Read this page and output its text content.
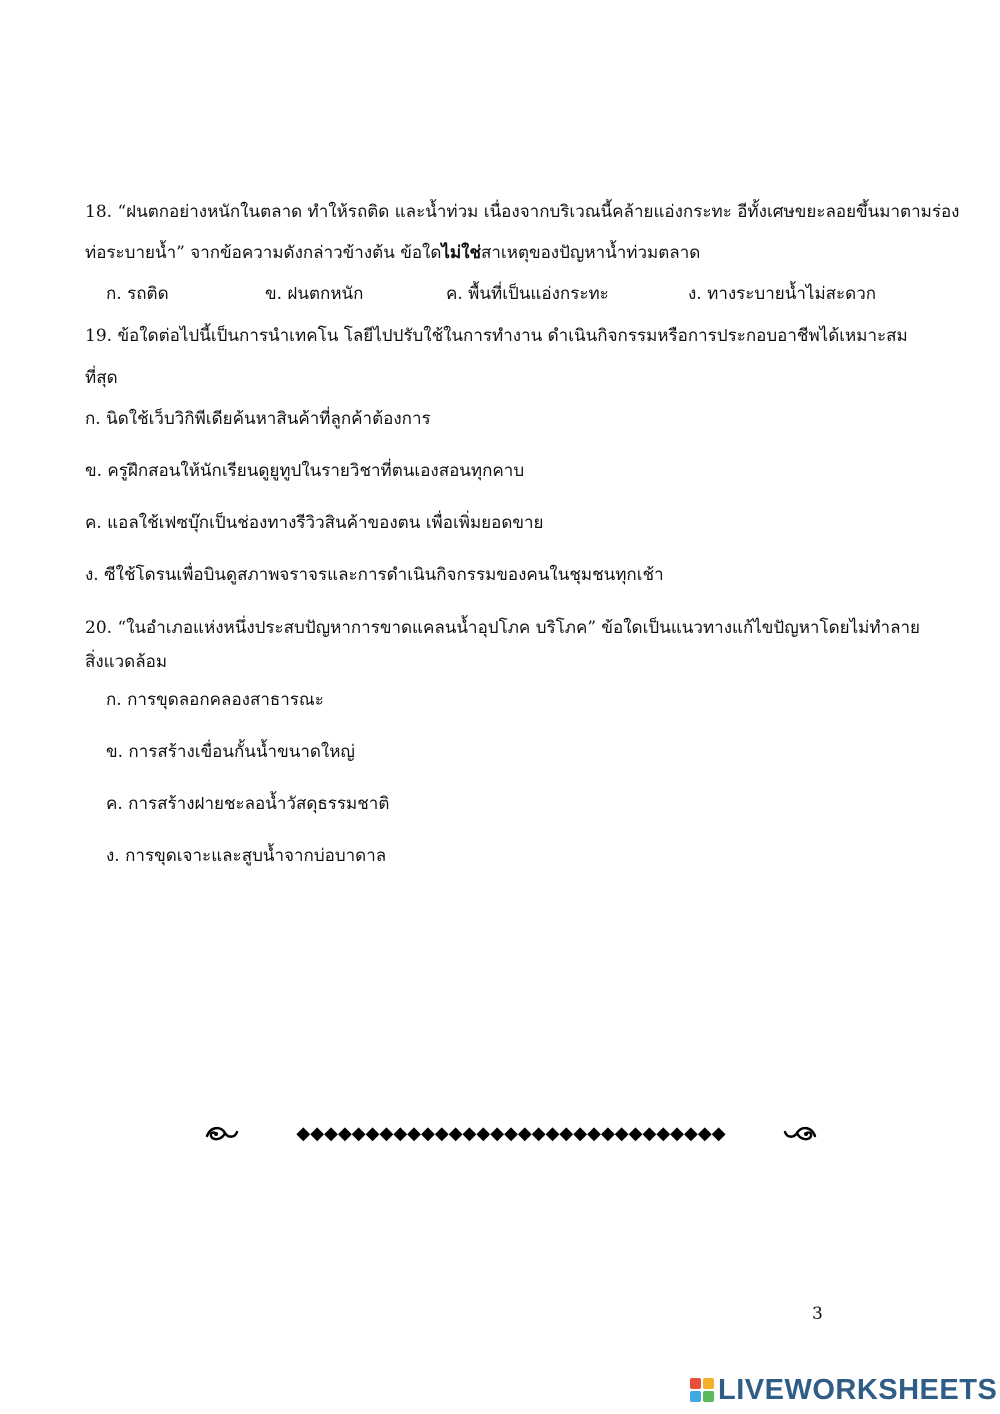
18. “ฝนตกอย่างหนักในตลาด ทำให้รถติด และน้ำท่วม เนื่องจากบริเวณนี้คล้ายแอ่งกระทะ อีทั้งเศษขยะลอยขึ้นมาตามร่อง
ท่อระบายน้ำ” จากข้อความดังกล่าวข้างต้น ข้อใดไม่ใช่สาเหตุของปัญหาน้ำท่วมตลาด
ก. รถติด	ข. ฝนตกหนัก	ค. พื้นที่เป็นแอ่งกระทะ	ง. ทางระบายน้ำไม่สะดวก
19. ข้อใดต่อไปนี้เป็นการนำเทคโน โลยีไปปรับใช้ในการทำงาน ดำเนินกิจกรรมหรือการประกอบอาชีพได้เหมาะสม
ที่สุด
ก. นิดใช้เว็บวิกิพีเดียค้นหาสินค้าที่ลูกค้าต้องการ
ข. ครูฝึกสอนให้นักเรียนดูยูทูปในรายวิชาที่ตนเองสอนทุกคาบ
ค. แอลใช้เฟซบุ๊กเป็นช่องทางรีวิวสินค้าของตน เพื่อเพิ่มยอดขาย
ง. ซีใช้โดรนเพื่อบินดูสภาพจราจรและการดำเนินกิจกรรมของคนในชุมชนทุกเช้า
20. “ในอำเภอแห่งหนึ่งประสบปัญหาการขาดแคลนน้ำอุปโภค บริโภค” ข้อใดเป็นแนวทางแก้ไขปัญหาโดยไม่ทำลาย
สิ่งแวดล้อม
ก. การขุดลอกคลองสาธารณะ
ข. การสร้างเขื่อนกั้นน้ำขนาดใหญ่
ค. การสร้างฝายชะลอน้ำวัสดุธรรมชาติ
ง. การขุดเจาะและสูบน้ำจากบ่อบาดาล
◆◆◆◆◆◆◆◆◆◆◆◆◆◆◆◆◆◆◆◆◆◆◆◆◆◆◆◆◆◆◆
3
LIVEWORKSHEETS
